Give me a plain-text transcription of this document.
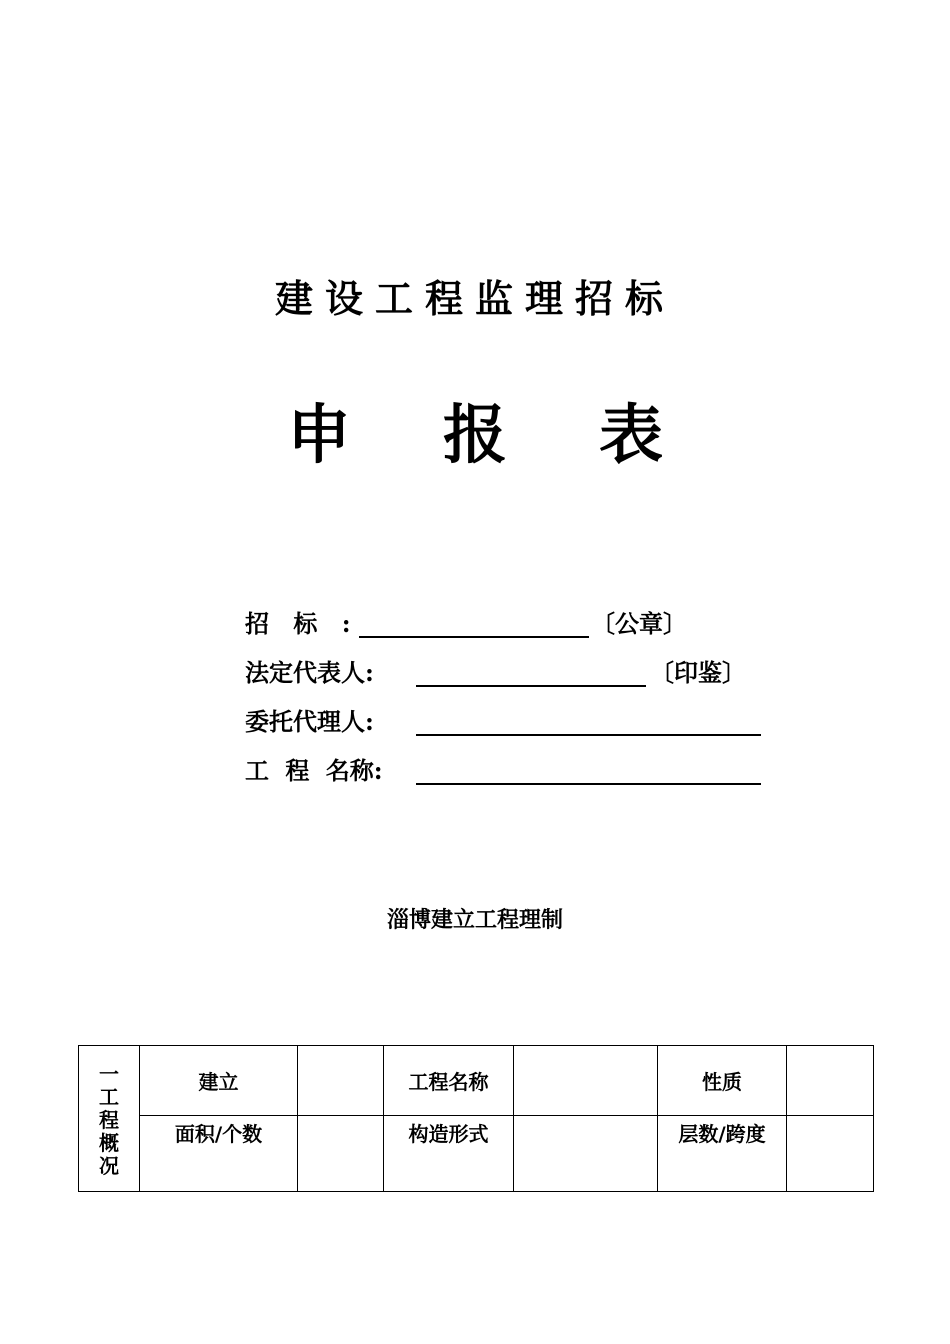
建设工程监理招标
申 报 表
招 标 :	〔公章〕
法定代表人:	〔印鉴〕
委托代理人:
工 程 名称:
淄博建立工程理制
一
工
程
概
况	建立		工程名称		性质	
	面积/个数		构造形式		层数/跨度	
